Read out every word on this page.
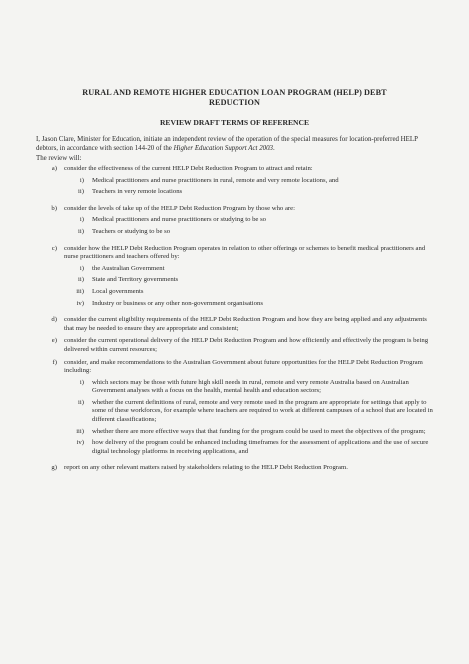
RURAL AND REMOTE HIGHER EDUCATION LOAN PROGRAM (HELP) DEBT REDUCTION
REVIEW DRAFT TERMS OF REFERENCE
I, Jason Clare, Minister for Education, initiate an independent review of the operation of the special measures for location-preferred HELP debtors, in accordance with section 144-20 of the Higher Education Support Act 2003.
The review will:
a)	consider the effectiveness of the current HELP Debt Reduction Program to attract and retain:
i)	Medical practitioners and nurse practitioners in rural, remote and very remote locations, and
ii)	Teachers in very remote locations
b)	consider the levels of take up of the HELP Debt Reduction Program by those who are:
i)	Medical practitioners and nurse practitioners or studying to be so
ii)	Teachers or studying to be so
c)	consider how the HELP Debt Reduction Program operates in relation to other offerings or schemes to benefit medical practitioners and nurse practitioners and teachers offered by:
i)	the Australian Government
ii)	State and Territory governments
iii)	Local governments
iv)	Industry or business or any other non-government organisations
d)	consider the current eligibility requirements of the HELP Debt Reduction Program and how they are being applied and any adjustments that may be needed to ensure they are appropriate and consistent;
e)	consider the current operational delivery of the HELP Debt Reduction Program and how efficiently and effectively the program is being delivered within current resources;
f)	consider, and make recommendations to the Australian Government about future opportunities for the HELP Debt Reduction Program including:
i)	which sectors may be those with future high skill needs in rural, remote and very remote Australia based on Australian Government analyses with a focus on the health, mental health and education sectors;
ii)	whether the current definitions of rural, remote and very remote used in the program are appropriate for settings that apply to some of these workforces, for example where teachers are required to work at different campuses of a school that are located in different classifications;
iii)	whether there are more effective ways that that funding for the program could be used to meet the objectives of the program;
iv)	how delivery of the program could be enhanced including timeframes for the assessment of applications and the use of secure digital technology platforms in receiving applications, and
g)	report on any other relevant matters raised by stakeholders relating to the HELP Debt Reduction Program.
